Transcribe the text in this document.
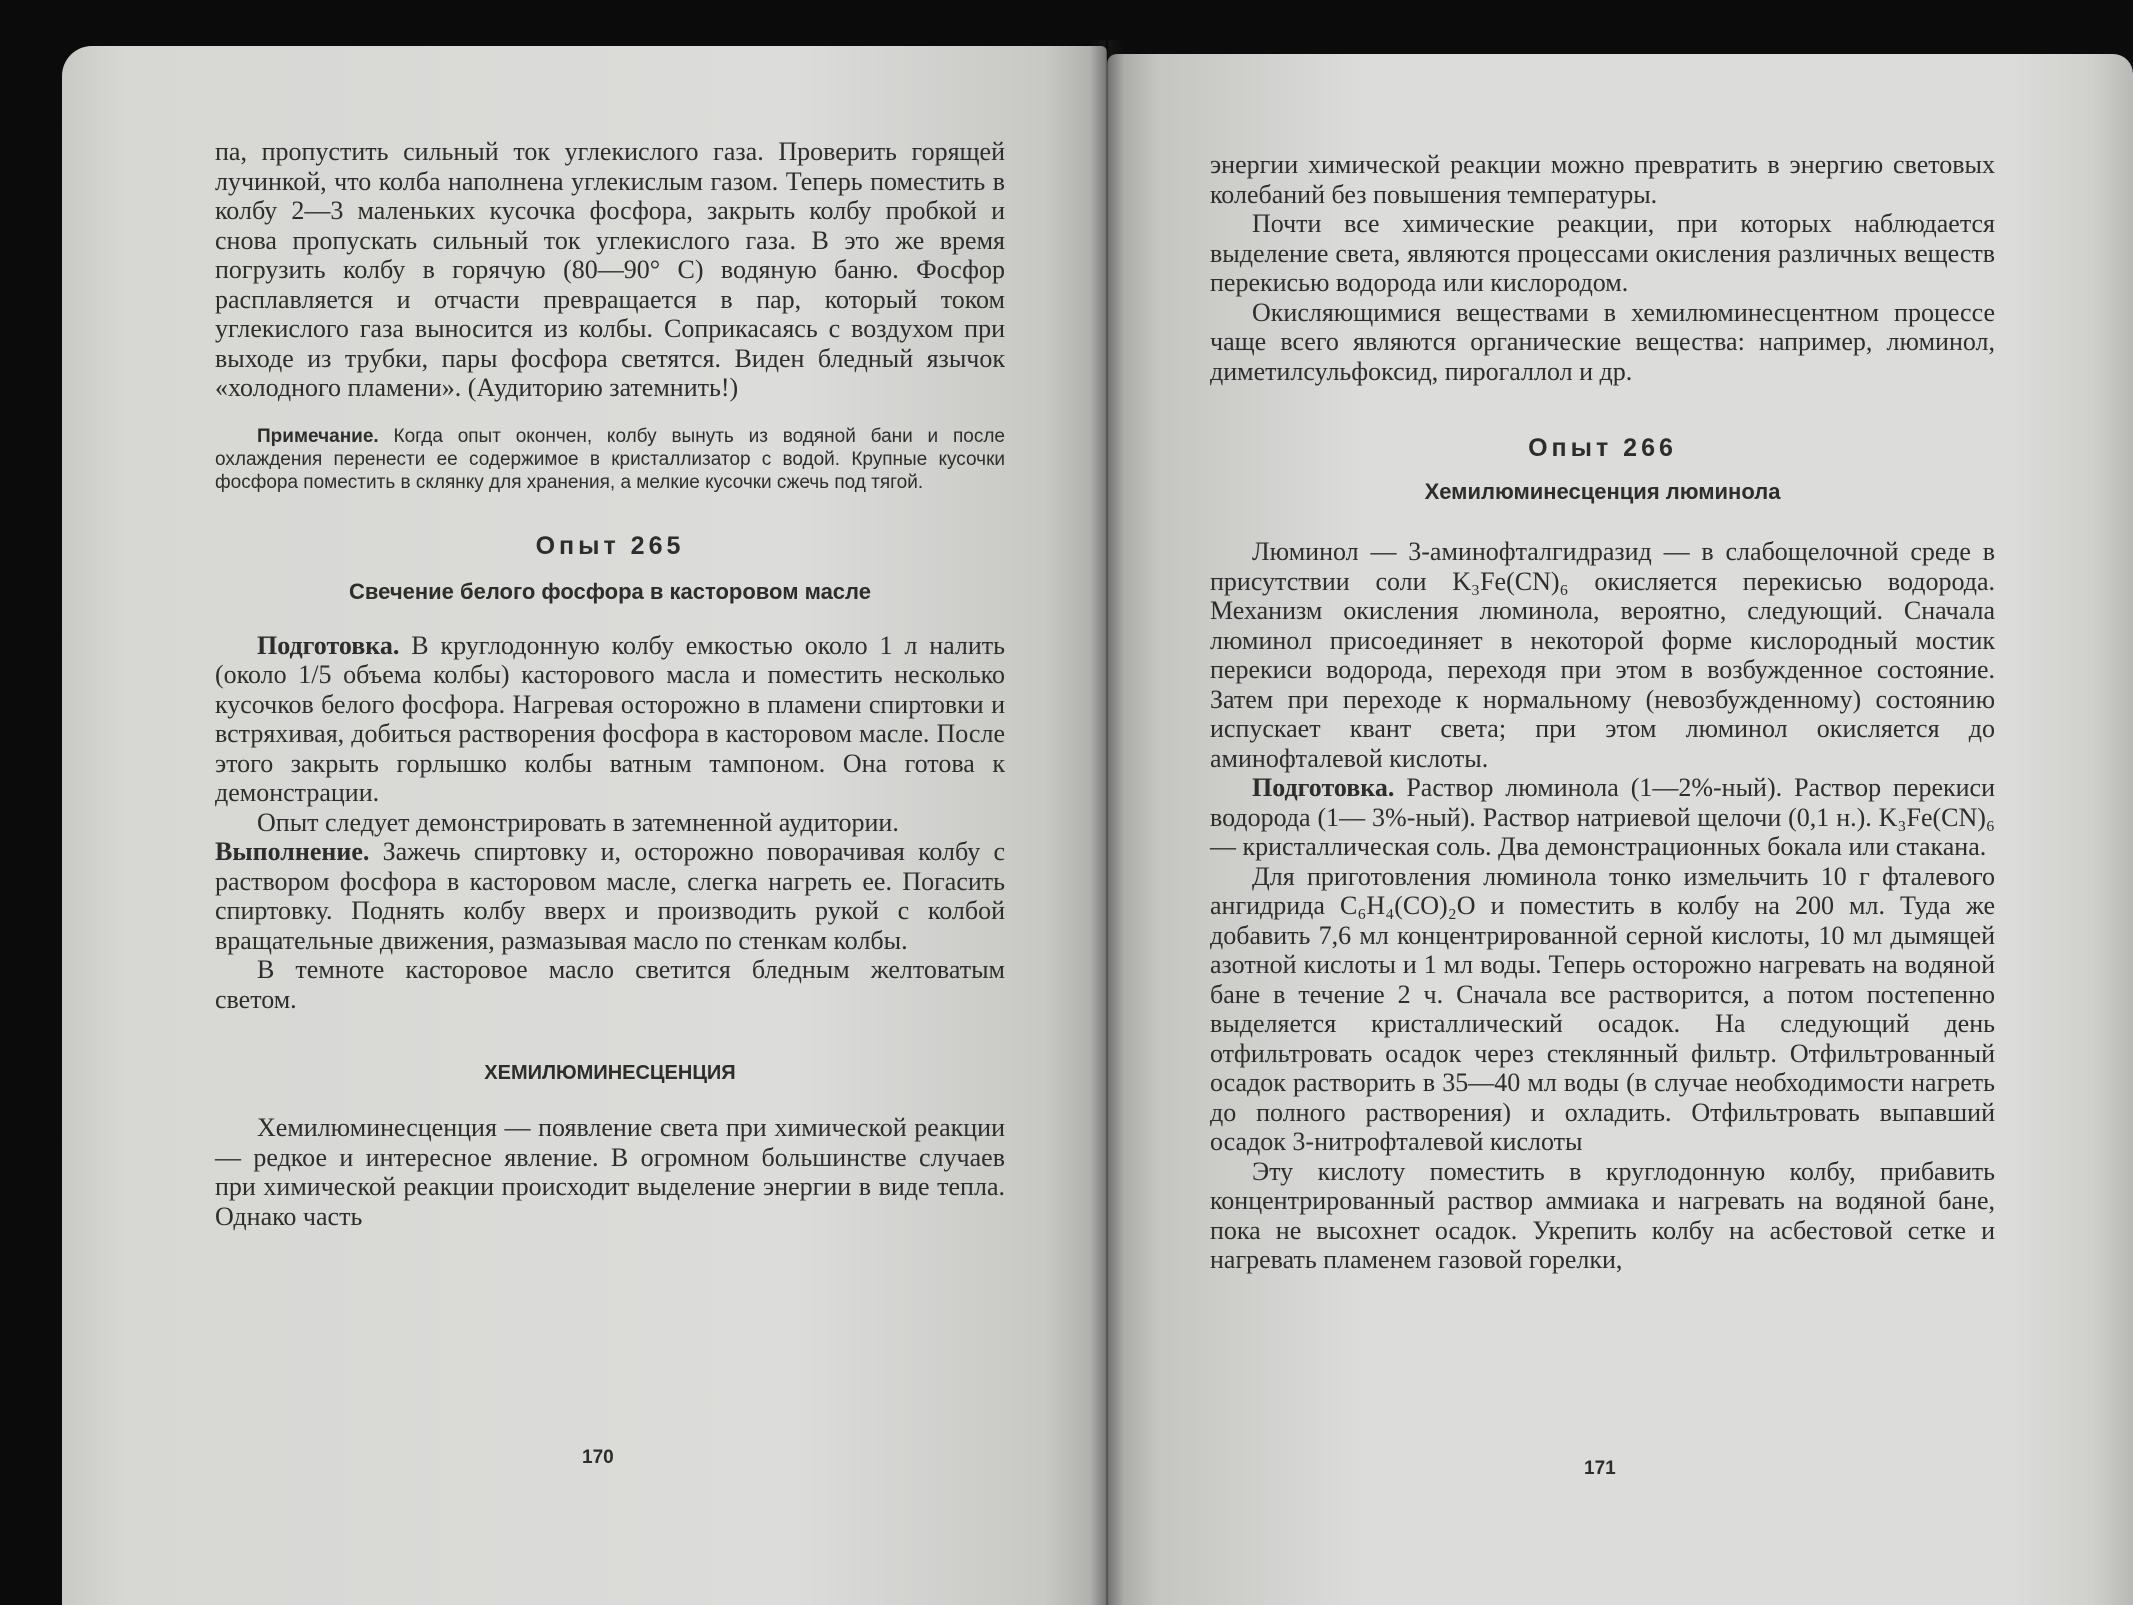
па, пропустить сильный ток углекислого газа. Проверить горящей лучинкой, что колба наполнена углекислым газом. Теперь поместить в колбу 2—3 маленьких кусочка фосфора, закрыть колбу пробкой и снова пропускать сильный ток углекислого газа. В это же время погрузить колбу в горячую (80—90° С) водяную баню. Фосфор расплавляется и отчасти превращается в пар, который током углекислого газа выносится из колбы. Соприкасаясь с воздухом при выходе из трубки, пары фосфора светятся. Виден бледный язычок «холодного пламени». (Аудиторию затемнить!)

Примечание. Когда опыт окончен, колбу вынуть из водяной бани и после охлаждения перенести ее содержимое в кристаллизатор с водой. Крупные кусочки фосфора поместить в склянку для хранения, а мелкие кусочки сжечь под тягой.

Опыт 265
Свечение белого фосфора в касторовом масле

Подготовка. В круглодонную колбу емкостью около 1 л налить (около 1/5 объема колбы) касторового масла и поместить несколько кусочков белого фосфора. Нагревая осторожно в пламени спиртовки и встряхивая, добиться растворения фосфора в касторовом масле. После этого закрыть горлышко колбы ватным тампоном. Она готова к демонстрации.

Опыт следует демонстрировать в затемненной аудитории.

Выполнение. Зажечь спиртовку и, осторожно поворачивая колбу с раствором фосфора в касторовом масле, слегка нагреть ее. Погасить спиртовку. Поднять колбу вверх и производить рукой с колбой вращательные движения, размазывая масло по стенкам колбы.

В темноте касторовое масло светится бледным желтоватым светом.

ХЕМИЛЮМИНЕСЦЕНЦИЯ

Хемилюминесценция — появление света при химической реакции — редкое и интересное явление. В огромном большинстве случаев при химической реакции происходит выделение энергии в виде тепла. Однако часть

170

энергии химической реакции можно превратить в энергию световых колебаний без повышения температуры.

Почти все химические реакции, при которых наблюдается выделение света, являются процессами окисления различных веществ перекисью водорода или кислородом.

Окисляющимися веществами в хемилюминесцентном процессе чаще всего являются органические вещества: например, люминол, диметилсульфоксид, пирогаллол и др.

Опыт 266
Хемилюминесценция люминола

Люминол — 3-аминофталгидразид — в слабощелочной среде в присутствии соли K₃Fe(CN)₆ окисляется перекисью водорода. Механизм окисления люминола, вероятно, следующий. Сначала люминол присоединяет в некоторой форме кислородный мостик перекиси водорода, переходя при этом в возбужденное состояние. Затем при переходе к нормальному (невозбужденному) состоянию испускает квант света; при этом люминол окисляется до аминофталевой кислоты.

Подготовка. Раствор люминола (1—2%-ный). Раствор перекиси водорода (1— 3%-ный). Раствор натриевой щелочи (0,1 н.). K₃Fe(CN)₆ — кристаллическая соль. Два демонстрационных бокала или стакана.

Для приготовления люминола тонко измельчить 10 г фталевого ангидрида C₆H₄(CO)₂O и поместить в колбу на 200 мл. Туда же добавить 7,6 мл концентрированной серной кислоты, 10 мл дымящей азотной кислоты и 1 мл воды. Теперь осторожно нагревать на водяной бане в течение 2 ч. Сначала все растворится, а потом постепенно выделяется кристаллический осадок. На следующий день отфильтровать осадок через стеклянный фильтр. Отфильтрованный осадок растворить в 35—40 мл воды (в случае необходимости нагреть до полного растворения) и охладить. Отфильтровать выпавший осадок 3-нитрофталевой кислоты

Эту кислоту поместить в круглодонную колбу, прибавить концентрированный раствор аммиака и нагревать на водяной бане, пока не высохнет осадок. Укрепить колбу на асбестовой сетке и нагревать пламенем газовой горелки,

171
